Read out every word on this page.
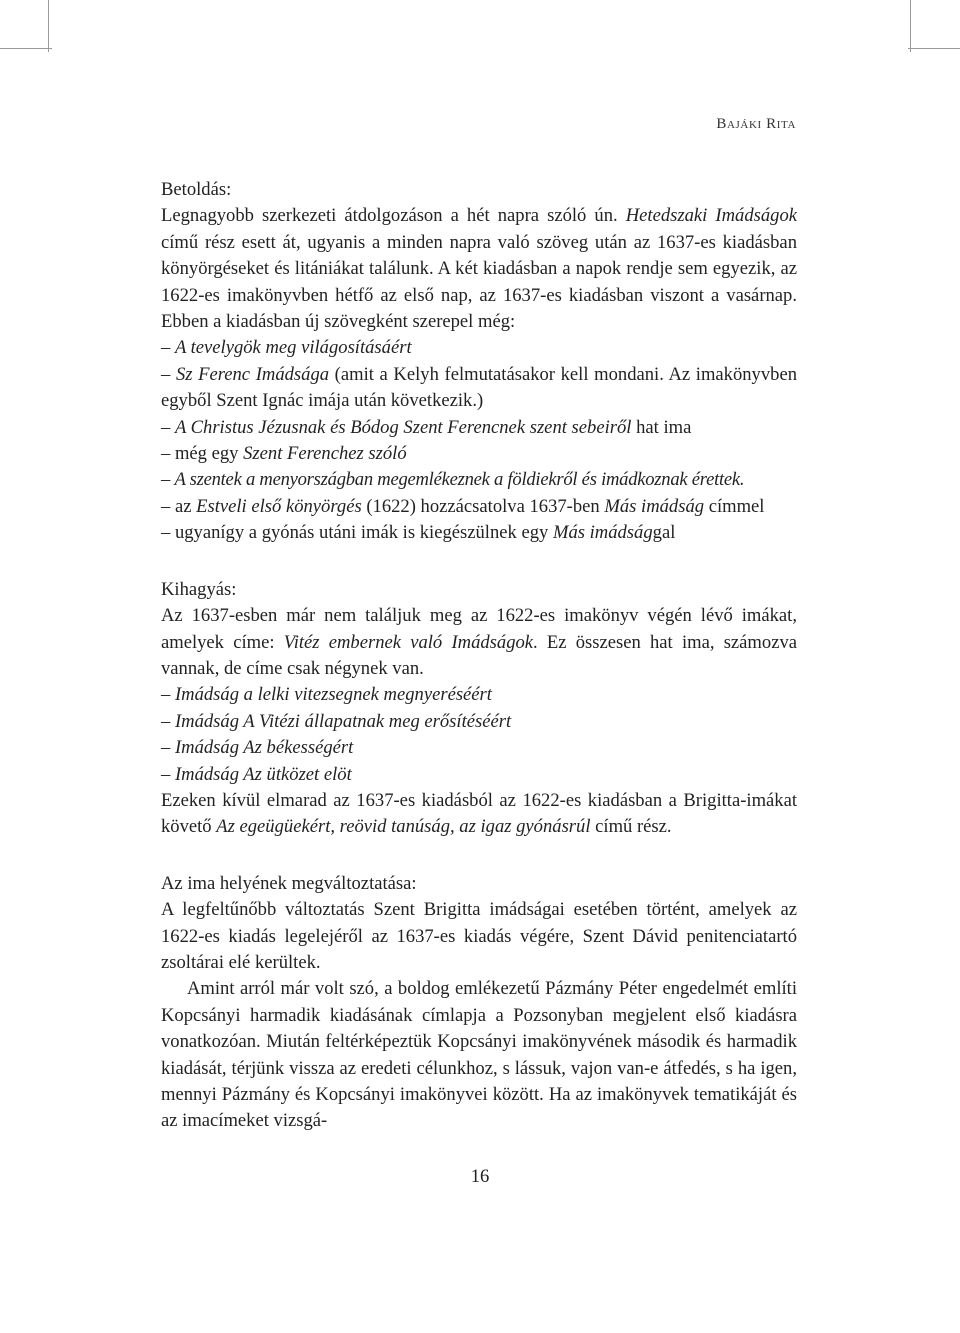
Bajáki Rita
Betoldás:

Legnagyobb szerkezeti átdolgozáson a hét napra szóló ún. Hetedszaki Imádságok című rész esett át, ugyanis a minden napra való szöveg után az 1637-es kiadásban könyörgéseket és litániákat találunk. A két kiadásban a napok rendje sem egyezik, az 1622-es imakönyvben hétfő az első nap, az 1637-es kiadásban viszont a vasárnap. Ebben a kiadásban új szövegként szerepel még:

– A tevelygök meg világosításáért

– Sz Ferenc Imádsága (amit a Kelyh felmutatásakor kell mondani. Az imakönyvben egyből Szent Ignác imája után következik.)

– A Christus Jézusnak és Bódog Szent Ferencnek szent sebeiről hat ima
– még egy Szent Ferenchez szóló
– A szentek a menyországban megemlékeznek a földiekről és imádkoznak érettek.
– az Estveli első könyörgés (1622) hozzácsatolva 1637-ben Más imádság címmel
– ugyanígy a gyónás utáni imák is kiegészülnek egy Más imádsággal
Kihagyás:

Az 1637-esben már nem találjuk meg az 1622-es imakönyv végén lévő imákat, amelyek címe: Vitéz embernek való Imádságok. Ez összesen hat ima, számozva vannak, de címe csak négynek van.

– Imádság a lelki vitezsegnek megnyeréséért
– Imádság A Vitézi állapatnak meg erősítéséért
– Imádság Az békességért
– Imádság Az ütközet elöt

Ezeken kívül elmarad az 1637-es kiadásból az 1622-es kiadásban a Brigitta-imákat követő Az egeügüekért, reövid tanúság, az igaz gyónásrúl című rész.

Az ima helyének megváltoztatása:

A legfeltűnőbb változtatás Szent Brigitta imádságai esetében történt, amelyek az 1622-es kiadás legelejéről az 1637-es kiadás végére, Szent Dávid penitenciatartó zsoltárai elé kerültek.

Amint arról már volt szó, a boldog emlékezetű Pázmány Péter engedelmét említi Kopcsányi harmadik kiadásának címlapja a Pozsonyban megjelent első kiadásra vonatkozóan. Miután feltérképeztük Kopcsányi imakönyvének második és harmadik kiadását, térjünk vissza az eredeti célunkhoz, s lássuk, vajon van-e átfedés, s ha igen, mennyi Pázmány és Kopcsányi imakönyvei között. Ha az imakönyvek tematikáját és az imacímeket vizsgá-

16
